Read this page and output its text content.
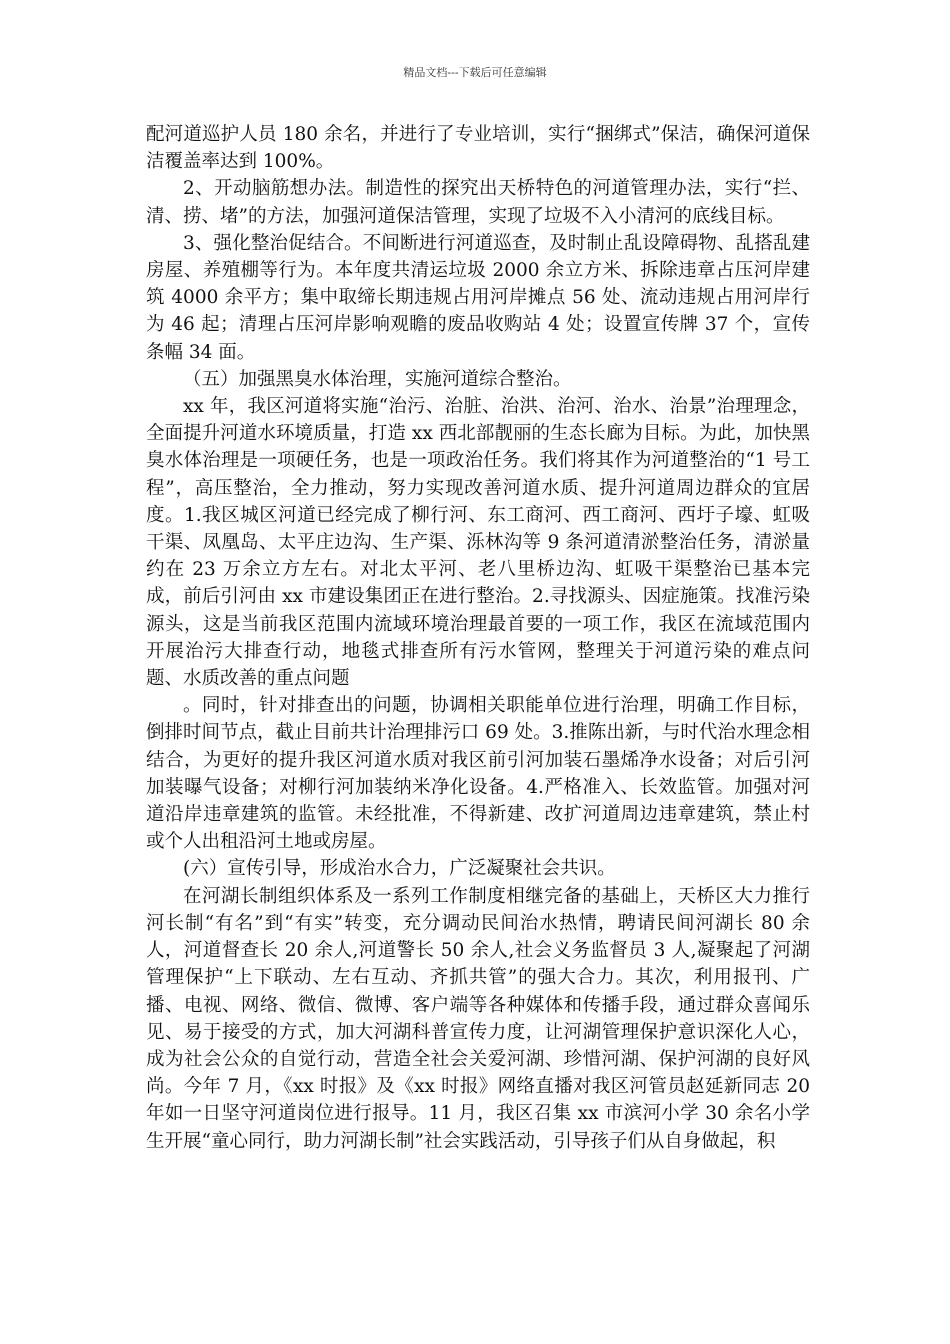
精品文档---下载后可任意编辑

配河道巡护人员 180 余名，并进行了专业培训，实行“捆绑式”保洁，确保河道保洁覆盖率达到 100%。

2、开动脑筋想办法。制造性的探究出天桥特色的河道管理办法，实行“拦、清、捞、堵”的方法，加强河道保洁管理，实现了垃圾不入小清河的底线目标。

3、强化整治促结合。不间断进行河道巡查，及时制止乱设障碍物、乱搭乱建房屋、养殖棚等行为。本年度共清运垃圾 2000 余立方米、拆除违章占压河岸建筑 4000 余平方；集中取缔长期违规占用河岸摊点 56 处、流动违规占用河岸行为 46 起；清理占压河岸影响观瞻的废品收购站 4 处；设置宣传牌 37 个，宣传条幅 34 面。

（五）加强黑臭水体治理，实施河道综合整治。

xx 年，我区河道将实施“治污、治脏、治洪、治河、治水、治景”治理理念，全面提升河道水环境质量，打造 xx 西北部靓丽的生态长廊为目标。为此，加快黑臭水体治理是一项硬任务，也是一项政治任务。我们将其作为河道整治的“1 号工程”，高压整治，全力推动，努力实现改善河道水质、提升河道周边群众的宜居度。1.我区城区河道已经完成了柳行河、东工商河、西工商河、西圩子壕、虹吸干渠、凤凰岛、太平庄边沟、生产渠、泺林沟等 9 条河道清淤整治任务，清淤量约在 23 万余立方左右。对北太平河、老八里桥边沟、虹吸干渠整治已基本完成，前后引河由 xx 市建设集团正在进行整治。2.寻找源头、因症施策。找准污染源头，这是当前我区范围内流域环境治理最首要的一项工作，我区在流域范围内开展治污大排查行动，地毯式排查所有污水管网，整理关于河道污染的难点问题、水质改善的重点问题

。同时，针对排查出的问题，协调相关职能单位进行治理，明确工作目标，倒排时间节点，截止目前共计治理排污口 69 处。3.推陈出新，与时代治水理念相结合，为更好的提升我区河道水质对我区前引河加装石墨烯净水设备；对后引河加装曝气设备；对柳行河加装纳米净化设备。4.严格准入、长效监管。加强对河道沿岸违章建筑的监管。未经批准，不得新建、改扩河道周边违章建筑，禁止村或个人出租沿河土地或房屋。

(六）宣传引导，形成治水合力，广泛凝聚社会共识。

在河湖长制组织体系及一系列工作制度相继完备的基础上，天桥区大力推行河长制“有名”到“有实”转变，充分调动民间治水热情，聘请民间河湖长 80 余人，河道督查长 20 余人,河道警长 50 余人,社会义务监督员 3 人,凝聚起了河湖管理保护“上下联动、左右互动、齐抓共管”的强大合力。其次，利用报刊、广播、电视、网络、微信、微博、客户端等各种媒体和传播手段，通过群众喜闻乐见、易于接受的方式，加大河湖科普宣传力度，让河湖管理保护意识深化人心，成为社会公众的自觉行动，营造全社会关爱河湖、珍惜河湖、保护河湖的良好风尚。今年 7 月，《xx 时报》及《xx 时报》网络直播对我区河管员赵延新同志 20 年如一日坚守河道岗位进行报导。11 月，我区召集 xx 市滨河小学 30 余名小学生开展“童心同行，助力河湖长制”社会实践活动，引导孩子们从自身做起，积
